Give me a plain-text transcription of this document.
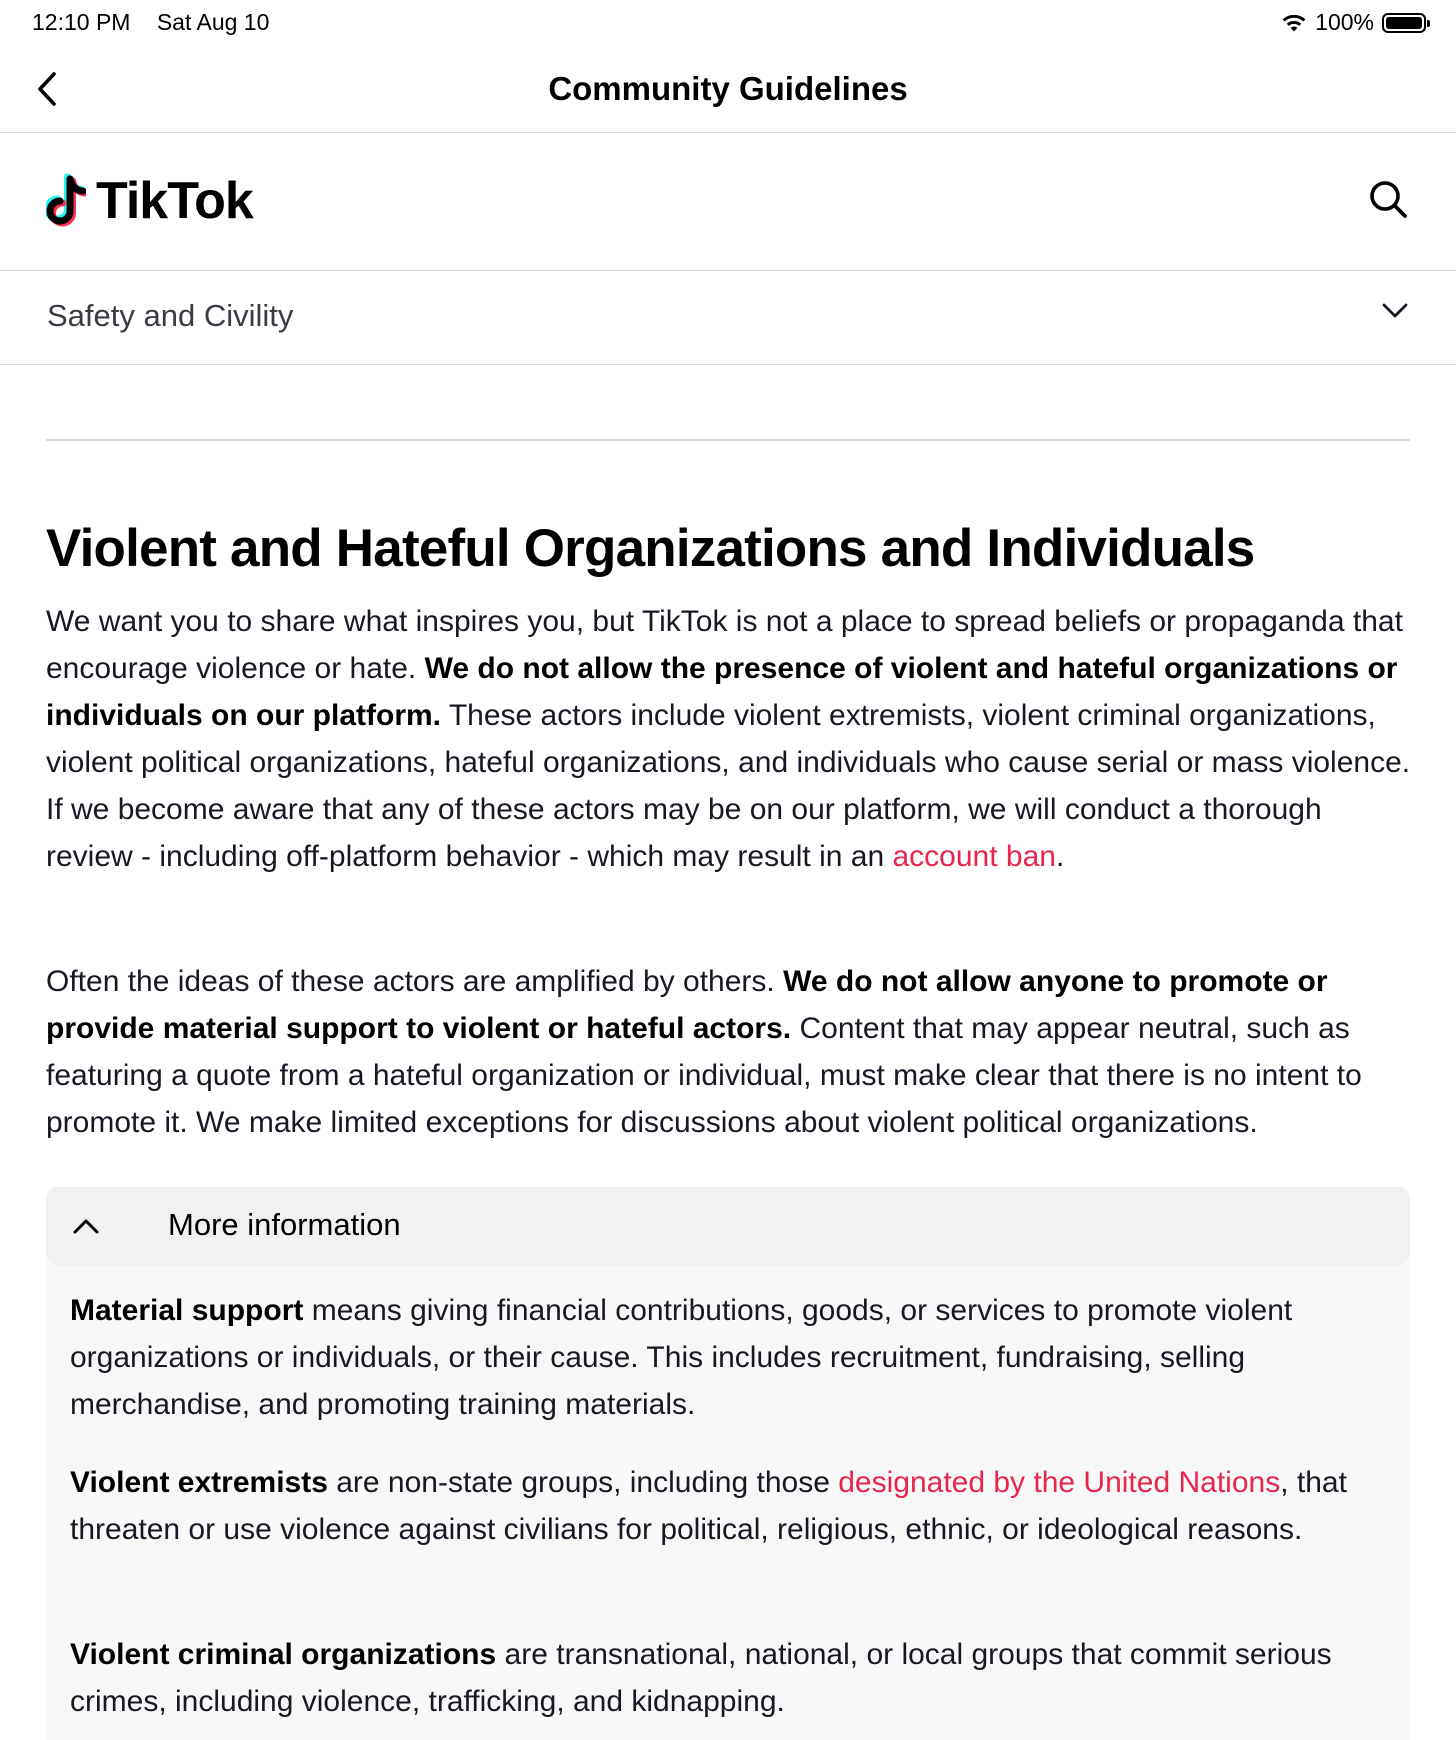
12:10 PM Sat Aug 10	100%
Community Guidelines
TikTok
Safety and Civility
Violent and Hateful Organizations and Individuals

We want you to share what inspires you, but TikTok is not a place to spread beliefs or propaganda that encourage violence or hate. We do not allow the presence of violent and hateful organizations or individuals on our platform. These actors include violent extremists, violent criminal organizations, violent political organizations, hateful organizations, and individuals who cause serial or mass violence. If we become aware that any of these actors may be on our platform, we will conduct a thorough review - including off-platform behavior - which may result in an account ban.

Often the ideas of these actors are amplified by others. We do not allow anyone to promote or provide material support to violent or hateful actors. Content that may appear neutral, such as featuring a quote from a hateful organization or individual, must make clear that there is no intent to promote it. We make limited exceptions for discussions about violent political organizations.

More information

Material support means giving financial contributions, goods, or services to promote violent organizations or individuals, or their cause. This includes recruitment, fundraising, selling merchandise, and promoting training materials.

Violent extremists are non-state groups, including those designated by the United Nations, that threaten or use violence against civilians for political, religious, ethnic, or ideological reasons.

Violent criminal organizations are transnational, national, or local groups that commit serious crimes, including violence, trafficking, and kidnapping.
